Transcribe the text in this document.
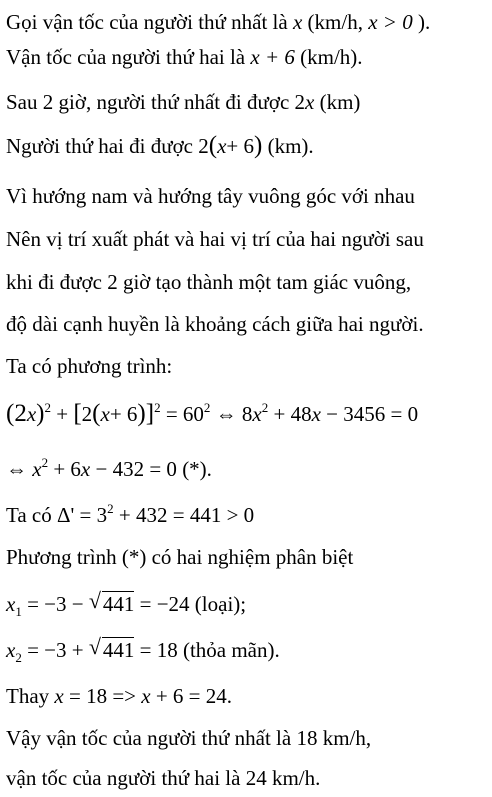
Gọi vận tốc của người thứ nhất là x (km/h, x > 0 ).
Vận tốc của người thứ hai là x + 6 (km/h).
Sau 2 giờ, người thứ nhất đi được 2x (km)
Người thứ hai đi được 2(x+ 6) (km).
Vì hướng nam và hướng tây vuông góc với nhau
Nên vị trí xuất phát và hai vị trí của hai người sau
khi đi được 2 giờ tạo thành một tam giác vuông,
độ dài cạnh huyền là khoảng cách giữa hai người.
Ta có phương trình:
$(2x)^2 + [2(x+ 6)]^2 = 60^2$ ⇔ $8x^2 + 48x - 3456 = 0$
⇔ $x^2 + 6x - 432 = 0$ (*).
Ta có $\Delta' = 3^2 + 432 = 441 > 0$
Phương trình (*) có hai nghiệm phân biệt
$x_1 = -3$ − √ 441 = −24 (loại);
$x_2 = -3$ + √ 441 = 18 (thỏa mãn).
Thay x = 18 => x + 6 = 24.
Vậy vận tốc của người thứ nhất là 18 km/h,
vận tốc của người thứ hai là 24 km/h.
